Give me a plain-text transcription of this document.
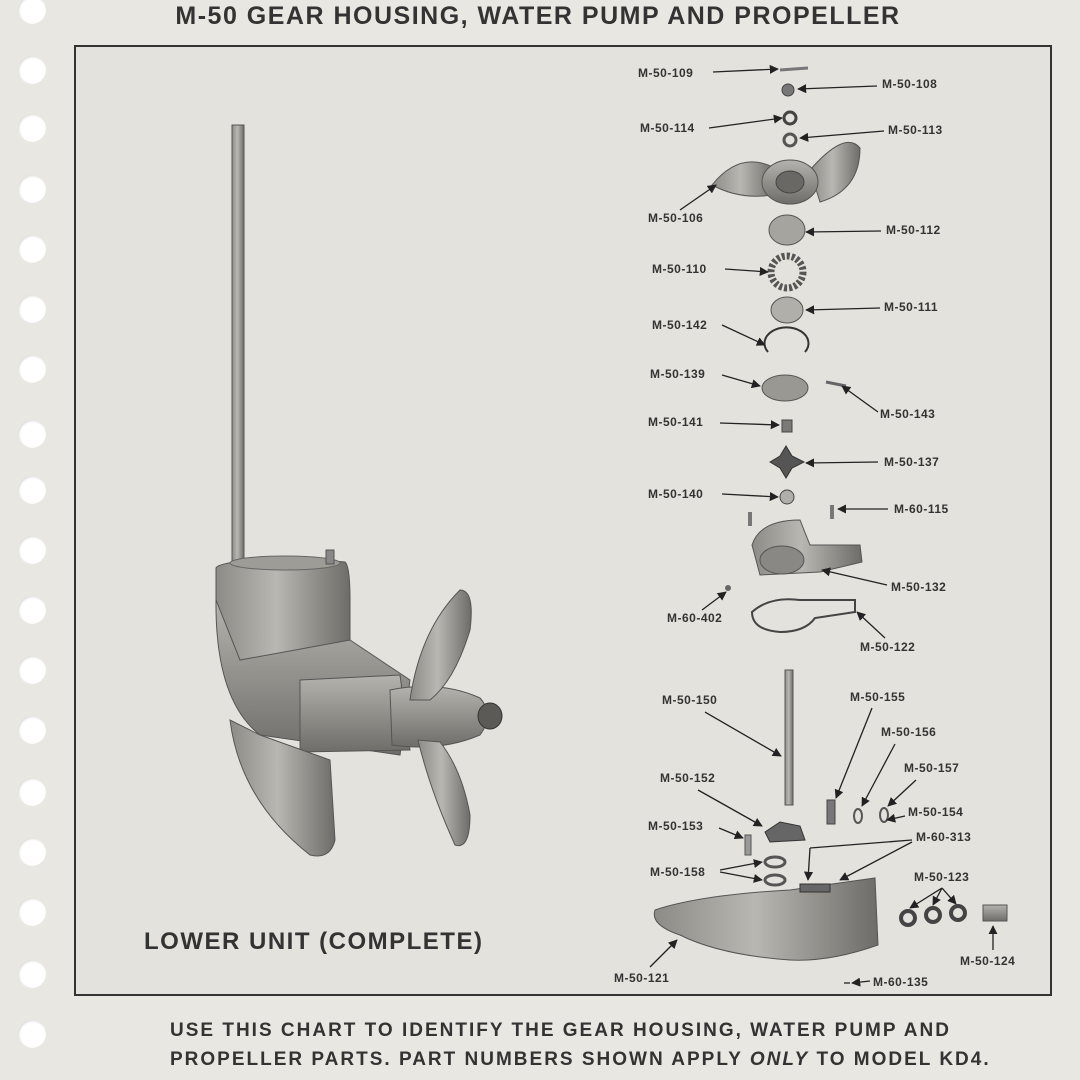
M-50 GEAR HOUSING, WATER PUMP AND PROPELLER
M-50-109
M-50-108
M-50-114	M-50-113
M-50-106
M-50-112
M-50-110
M-50-111
M-50-142
M-50-139
M-50-143
M-50-141
M-50-137
M-50-140
M-60-115
M-50-132
M-60-402
M-50-122
M-50-150	M-50-155
M-50-156
M-50-157
M-50-152
M-50-154
M-50-153
M-60-313
M-50-158	M-50-123
M-50-121
M-50-124
M-60-135
LOWER UNIT (COMPLETE)
USE THIS CHART TO IDENTIFY THE GEAR HOUSING, WATER PUMP AND
PROPELLER PARTS. PART NUMBERS SHOWN APPLY ONLY TO MODEL KD4.
